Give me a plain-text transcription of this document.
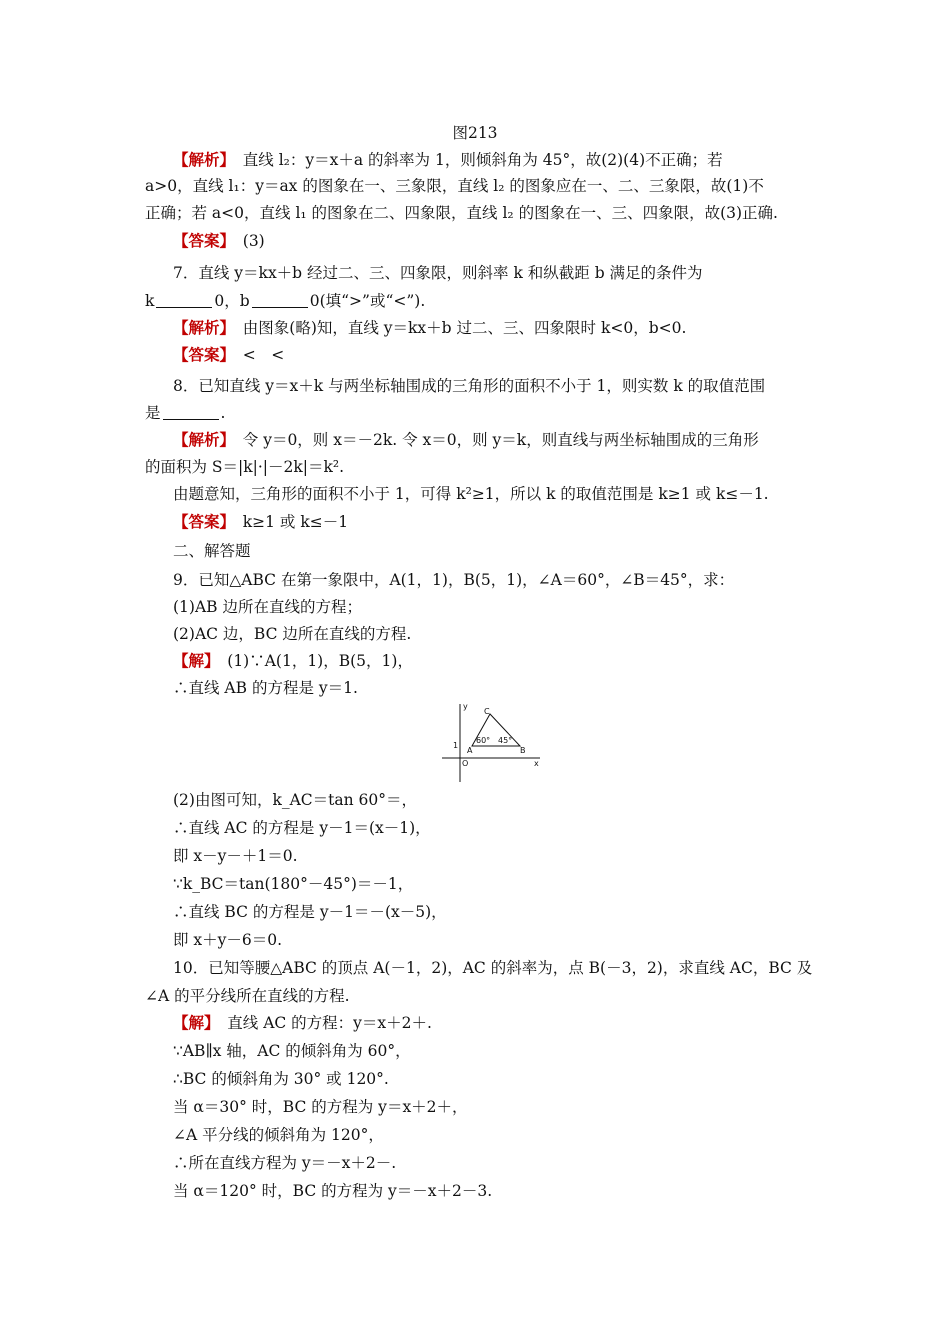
图213
【解析】　直线 l₂：y＝x＋a 的斜率为 1，则倾斜角为 45°，故(2)(4)不正确；若
a>0，直线 l₁：y＝ax 的图象在一、三象限，直线 l₂ 的图象应在一、二、三象限，故(1)不
正确；若 a<0，直线 l₁ 的图象在二、四象限，直线 l₂ 的图象在一、三、四象限，故(3)正确.
【答案】　(3)
7．直线 y＝kx＋b 经过二、三、四象限，则斜率 k 和纵截距 b 满足的条件为
【解析】　由图象(略)知，直线 y＝kx＋b 过二、三、四象限时 k<0，b<0.
【答案】　<　<
8．已知直线 y＝x＋k 与两坐标轴围成的三角形的面积不小于 1，则实数 k 的取值范围
【解析】　令 y＝0，则 x＝－2k. 令 x＝0，则 y＝k，则直线与两坐标轴围成的三角形
的面积为 S＝|k|·|－2k|＝k².
由题意知，三角形的面积不小于 1，可得 k²≥1，所以 k 的取值范围是 k≥1 或 k≤－1.
【答案】　k≥1 或 k≤－1
二、解答题
9．已知△ABC 在第一象限中，A(1，1)，B(5，1)，∠A＝60°，∠B＝45°，求：
(1)AB 边所在直线的方程；
(2)AC 边，BC 边所在直线的方程.
【解】　(1)∵A(1，1)，B(5，1)，
∴直线 AB 的方程是 y＝1.
(2)由图可知，k_AC＝tan 60°＝，
∴直线 AC 的方程是 y－1＝(x－1)，
即 x－y－＋1＝0.
∵k_BC＝tan(180°－45°)＝－1，
∴直线 BC 的方程是 y－1＝－(x－5)，
即 x＋y－6＝0.
10．已知等腰△ABC 的顶点 A(－1，2)，AC 的斜率为，点 B(－3，2)，求直线 AC，BC 及
∠A 的平分线所在直线的方程.
【解】　直线 AC 的方程：y＝x＋2＋.
∵AB∥x 轴，AC 的倾斜角为 60°，
∴BC 的倾斜角为 30° 或 120°.
当 α＝30° 时，BC 的方程为 y＝x＋2＋，
∠A 平分线的倾斜角为 120°，
∴所在直线方程为 y＝－x＋2－.
当 α＝120° 时，BC 的方程为 y＝－x＋2－3.
k	0，b	0(填“>”或“<”).
是	.
y
x
C
A	B
O
1
60° 45°
